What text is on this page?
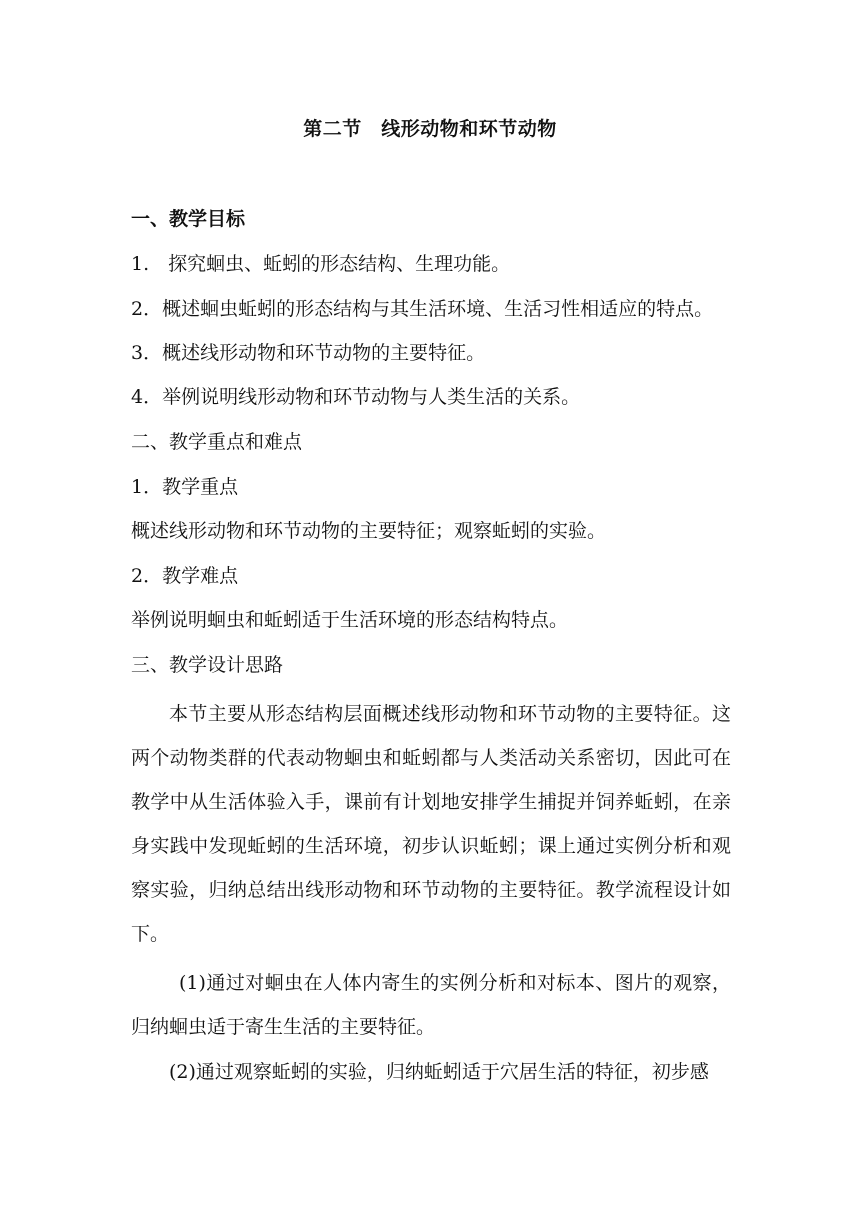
第二节　线形动物和环节动物
一、教学目标
1.　探究蛔虫、蚯蚓的形态结构、生理功能。
2．概述蛔虫蚯蚓的形态结构与其生活环境、生活习性相适应的特点。
3．概述线形动物和环节动物的主要特征。
4．举例说明线形动物和环节动物与人类生活的关系。
二、教学重点和难点
1．教学重点
概述线形动物和环节动物的主要特征；观察蚯蚓的实验。
2．教学难点
举例说明蛔虫和蚯蚓适于生活环境的形态结构特点。
三、教学设计思路
本节主要从形态结构层面概述线形动物和环节动物的主要特征。这两个动物类群的代表动物蛔虫和蚯蚓都与人类活动关系密切，因此可在教学中从生活体验入手，课前有计划地安排学生捕捉并饲养蚯蚓，在亲身实践中发现蚯蚓的生活环境，初步认识蚯蚓；课上通过实例分析和观察实验，归纳总结出线形动物和环节动物的主要特征。教学流程设计如下。
(1)通过对蛔虫在人体内寄生的实例分析和对标本、图片的观察，归纳蛔虫适于寄生生活的主要特征。
(2)通过观察蚯蚓的实验，归纳蚯蚓适于穴居生活的特征，初步感
